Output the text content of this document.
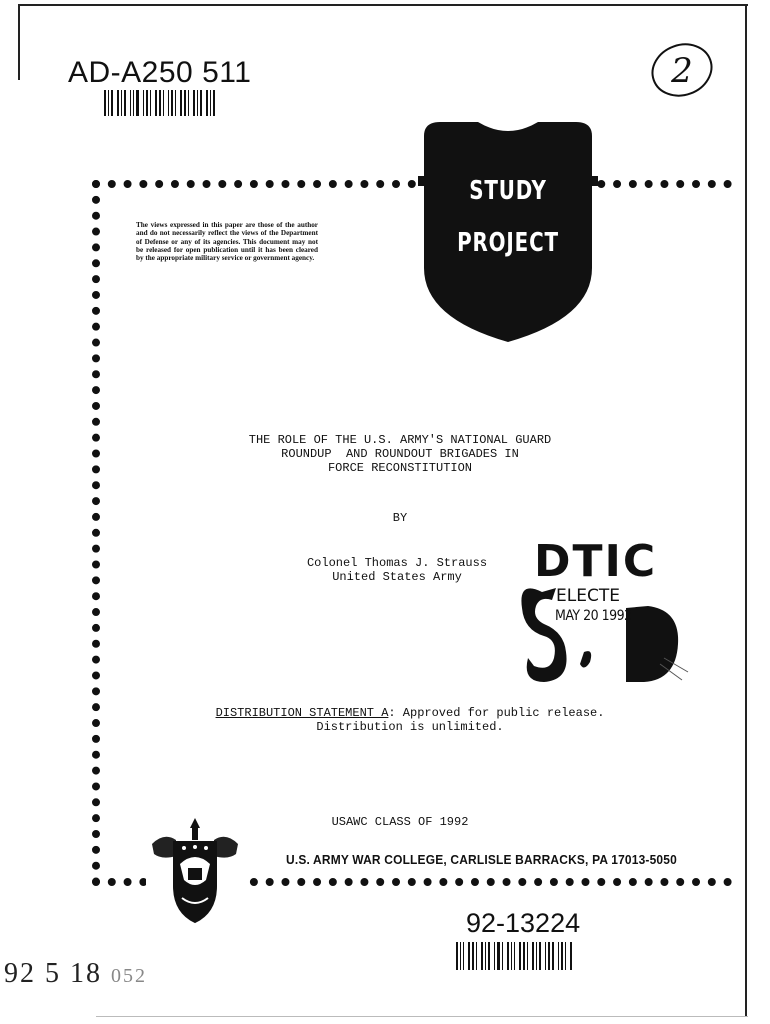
AD-A250 511	2
The views expressed in this paper are those of the author and do not necessarily reflect the views of the Department of Defense or any of its agencies. This document may not be released for open publication until it has been cleared by the appropriate military service or government agency.
STUDY
PROJECT
THE ROLE OF THE U.S. ARMY'S NATIONAL GUARD
ROUNDUP  AND ROUNDOUT BRIGADES IN
FORCE RECONSTITUTION
BY
Colonel Thomas J. Strauss
United States Army	DTIC
ELECTE
MAY 20 1992
DISTRIBUTION STATEMENT A: Approved for public release.
Distribution is unlimited.
USAWC CLASS OF 1992
U.S. ARMY WAR COLLEGE, CARLISLE BARRACKS, PA 17013-5050
92-13224
92 5 18 052
